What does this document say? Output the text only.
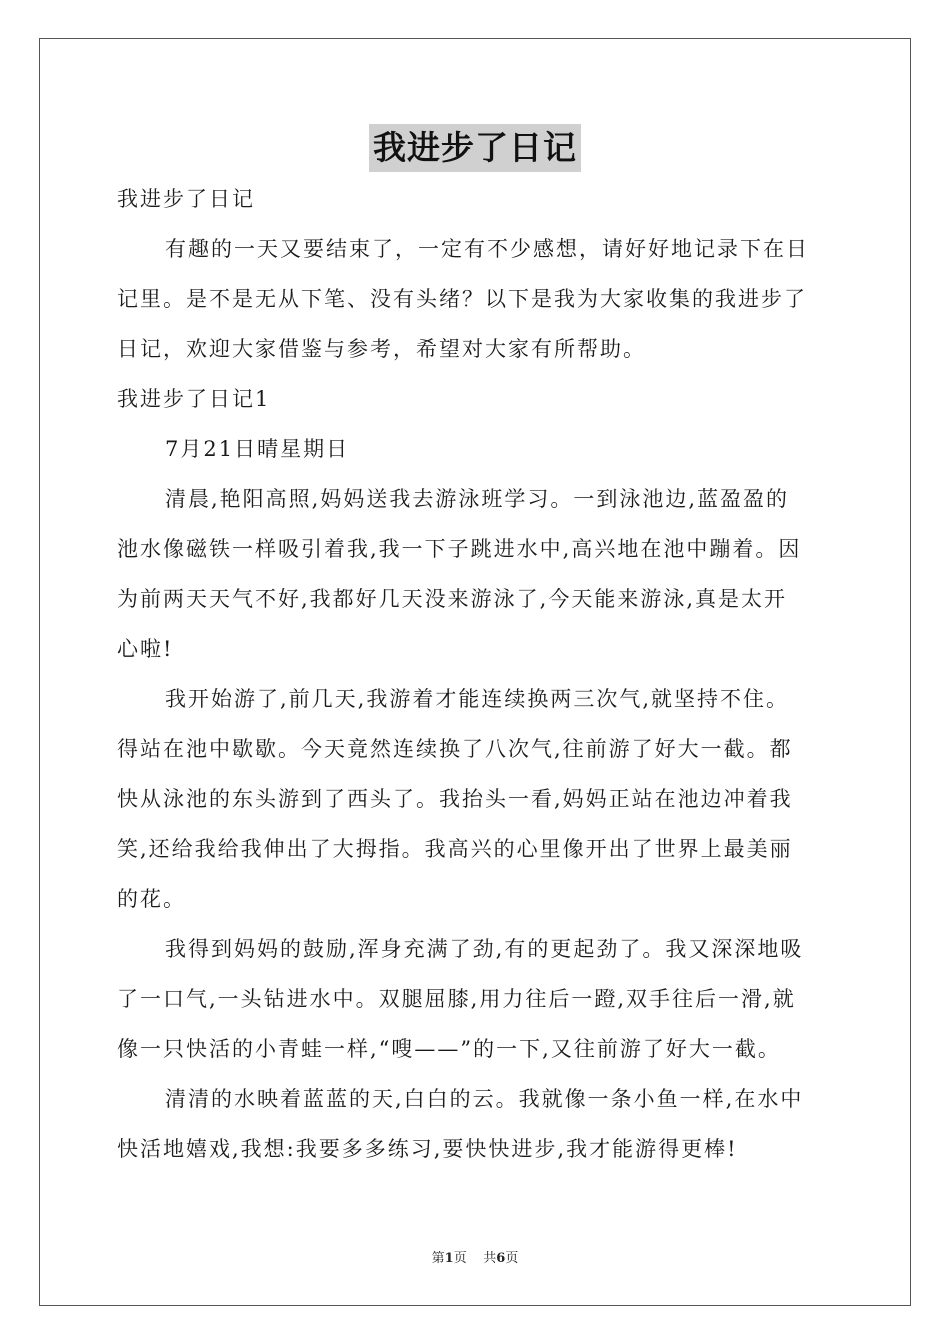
我进步了日记

我进步了日记

有趣的一天又要结束了，一定有不少感想，请好好地记录下在日

记里。是不是无从下笔、没有头绪？以下是我为大家收集的我进步了

日记，欢迎大家借鉴与参考，希望对大家有所帮助。

我进步了日记1

7月21日晴星期日

清晨,艳阳高照,妈妈送我去游泳班学习。一到泳池边,蓝盈盈的

池水像磁铁一样吸引着我,我一下子跳进水中,高兴地在池中蹦着。因

为前两天天气不好,我都好几天没来游泳了,今天能来游泳,真是太开

心啦!

我开始游了,前几天,我游着才能连续换两三次气,就坚持不住。

得站在池中歇歇。今天竟然连续换了八次气,往前游了好大一截。都

快从泳池的东头游到了西头了。我抬头一看,妈妈正站在池边冲着我

笑,还给我给我伸出了大拇指。我高兴的心里像开出了世界上最美丽

的花。

我得到妈妈的鼓励,浑身充满了劲,有的更起劲了。我又深深地吸

了一口气,一头钻进水中。双腿屈膝,用力往后一蹬,双手往后一滑,就

像一只快活的小青蛙一样,“嗖——”的一下,又往前游了好大一截。

清清的水映着蓝蓝的天,白白的云。我就像一条小鱼一样,在水中

快活地嬉戏,我想:我要多多练习,要快快进步,我才能游得更棒!

第1页 共6页
